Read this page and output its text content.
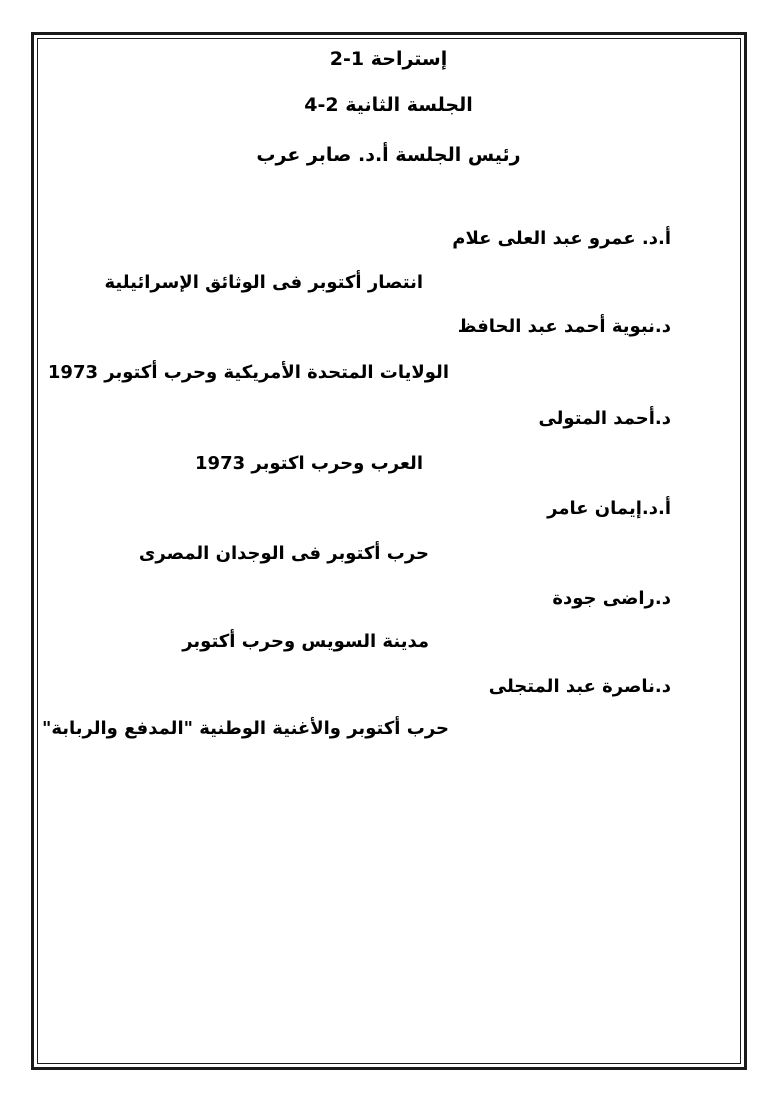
إستراحة 1-2
الجلسة الثانية 2-4
رئيس الجلسة أ.د. صابر عرب
أ.د. عمرو عبد العلى علام
انتصار أكتوبر فى الوثائق الإسرائيلية
د.نبوية أحمد عبد الحافظ
الولايات المتحدة الأمريكية وحرب أكتوبر 1973
د.أحمد المتولى
العرب وحرب اكتوبر 1973
أ.د.إيمان عامر
حرب أكتوبر فى الوجدان المصرى
د.راضى جودة
مدينة السويس وحرب أكتوبر
د.ناصرة عبد المتجلى
حرب أكتوبر والأغنية الوطنية "المدفع والربابة"
